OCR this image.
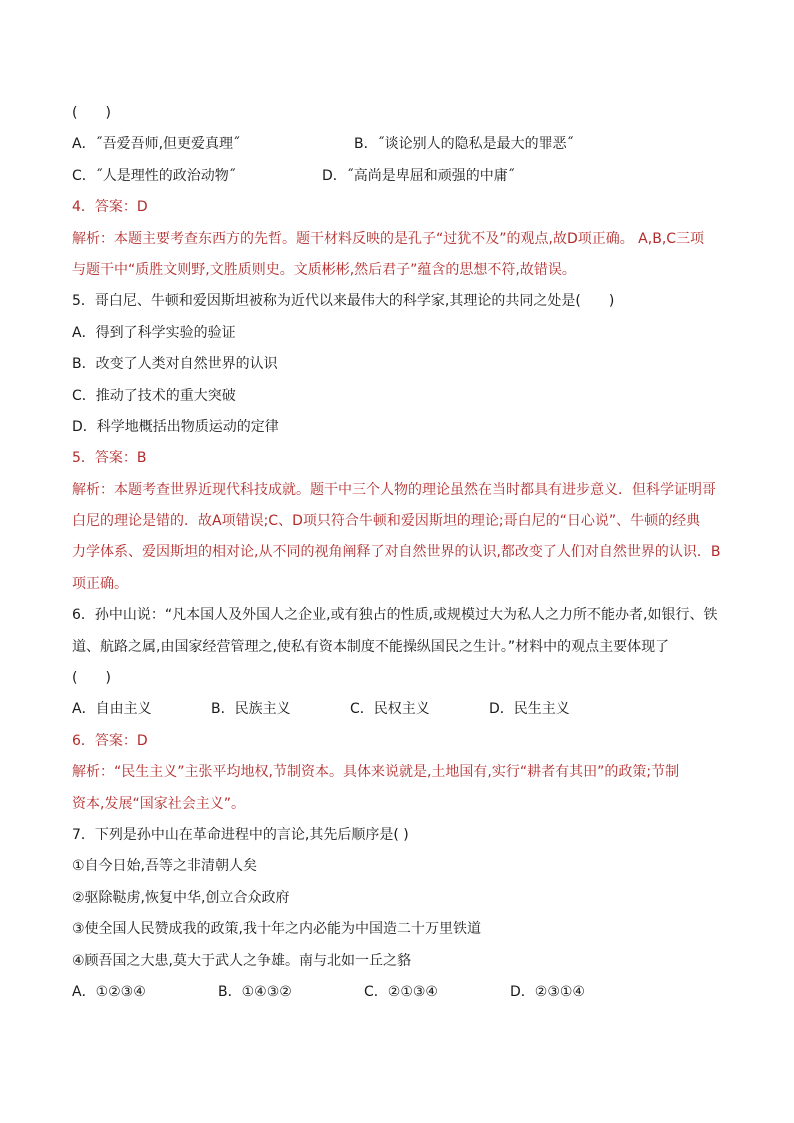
(　　)
A．˝吾爱吾师,但更爱真理˝	B．˝谈论别人的隐私是最大的罪恶˝
C．˝人是理性的政治动物˝	D．˝高尚是卑屈和顽强的中庸˝
4．答案：D
解析：本题主要考查东西方的先哲。题干材料反映的是孔子“过犹不及”的观点,故D项正确。 A,B,C三项
与题干中“质胜文则野,文胜质则史。文质彬彬,然后君子”蕴含的思想不符,故错误。
5．哥白尼、牛顿和爱因斯坦被称为近代以来最伟大的科学家,其理论的共同之处是(　　)
A．得到了科学实验的验证
B．改变了人类对自然世界的认识
C．推动了技术的重大突破
D．科学地概括出物质运动的定律
5．答案：B
解析：本题考查世界近现代科技成就。题干中三个人物的理论虽然在当时都具有进步意义．但科学证明哥
白尼的理论是错的．故A项错误;C、D项只符合牛顿和爱因斯坦的理论;哥白尼的“日心说”、牛顿的经典
力学体系、爱因斯坦的相对论,从不同的视角阐释了对自然世界的认识,都改变了人们对自然世界的认识．B
项正确。
6．孙中山说：“凡本国人及外国人之企业,或有独占的性质,或规模过大为私人之力所不能办者,如银行、铁
道、航路之属,由国家经营管理之,使私有资本制度不能操纵国民之生计。”材料中的观点主要体现了
(　　)
A．自由主义	B．民族主义	C．民权主义	D．民生主义
6．答案：D
解析：“民生主义”主张平均地权,节制资本。具体来说就是,土地国有,实行“耕者有其田”的政策;节制
资本,发展“国家社会主义”。
7．下列是孙中山在革命进程中的言论,其先后顺序是( )
①自今日始,吾等之非清朝人矣
②驱除鞑虏,恢复中华,创立合众政府
③使全国人民赞成我的政策,我十年之内必能为中国造二十万里铁道
④顾吾国之大患,莫大于武人之争雄。南与北如一丘之貉
A．①②③④	B．①④③②	C．②①③④	D．②③①④
